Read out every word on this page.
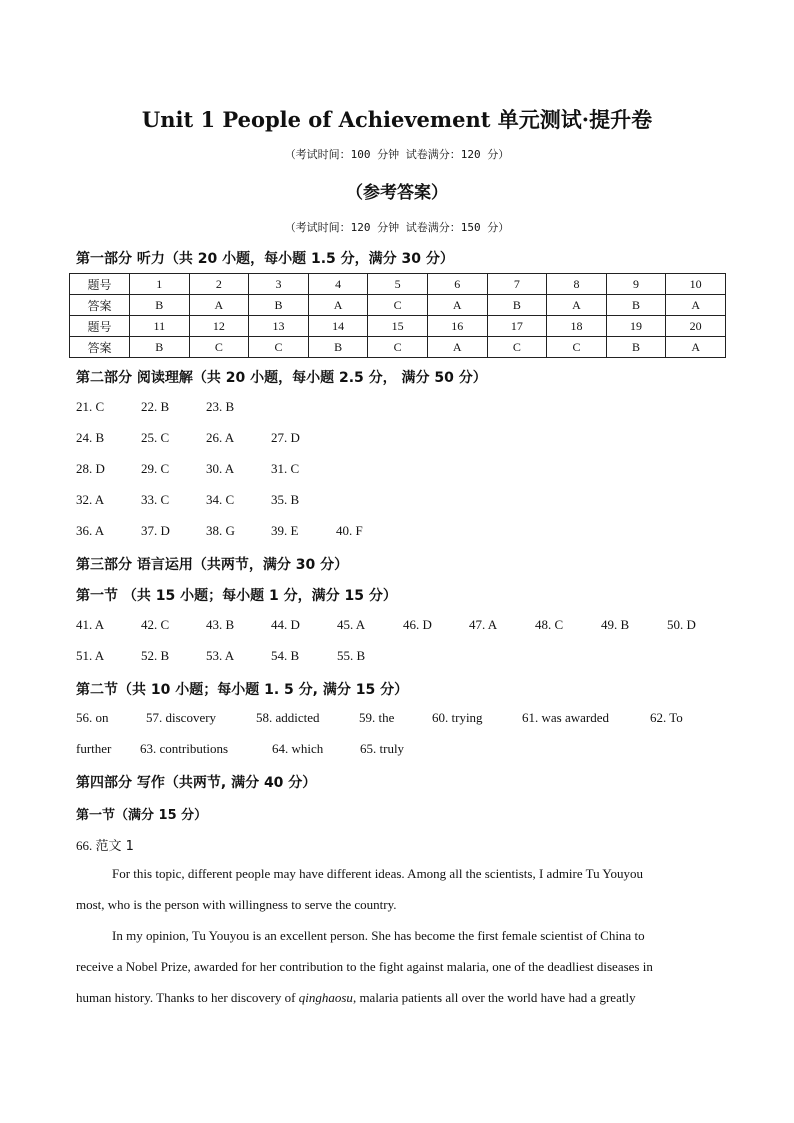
Unit 1 People of Achievement 单元测试·提升卷
（考试时间：100 分钟 试卷满分：120 分）
（参考答案）
（考试时间：120 分钟 试卷满分：150 分）
第一部分 听力（共 20 小题，每小题 1.5 分，满分 30 分）
题号	1	2	3	4	5	6	7	8	9	10
答案	B	A	B	A	C	A	B	A	B	A
题号	11	12	13	14	15	16	17	18	19	20
答案	B	C	C	B	C	A	C	C	B	A
第二部分 阅读理解（共 20 小题，每小题 2.5 分， 满分 50 分）
21. C	22. B	23. B
24. B	25. C	26. A	27. D
28. D	29. C	30. A	31. C
32. A	33. C	34. C	35. B
36. A	37. D	38. G	39. E	40. F
第三部分 语言运用（共两节，满分 30 分）
第一节 （共 15 小题；每小题 1 分，满分 15 分）
41. A	42. C	43. B	44. D	45. A	46. D	47. A	48. C	49. B	50. D
51. A	52. B	53. A	54. B	55. B
第二节（共 10 小题；每小题 1. 5 分, 满分 15 分）
56. on	57. discovery	58. addicted	59. the	60. trying	61. was awarded	62. To
further 63. contributions	64. which	65. truly
第四部分 写作（共两节, 满分 40 分）
第一节（满分 15 分）
66. 范文 1
For this topic, different people may have different ideas. Among all the scientists, I admire Tu Youyou
most, who is the person with willingness to serve the country.
In my opinion, Tu Youyou is an excellent person. She has become the first female scientist of China to
receive a Nobel Prize, awarded for her contribution to the fight against malaria, one of the deadliest diseases in
human history. Thanks to her discovery of qinghaosu, malaria patients all over the world have had a greatly
